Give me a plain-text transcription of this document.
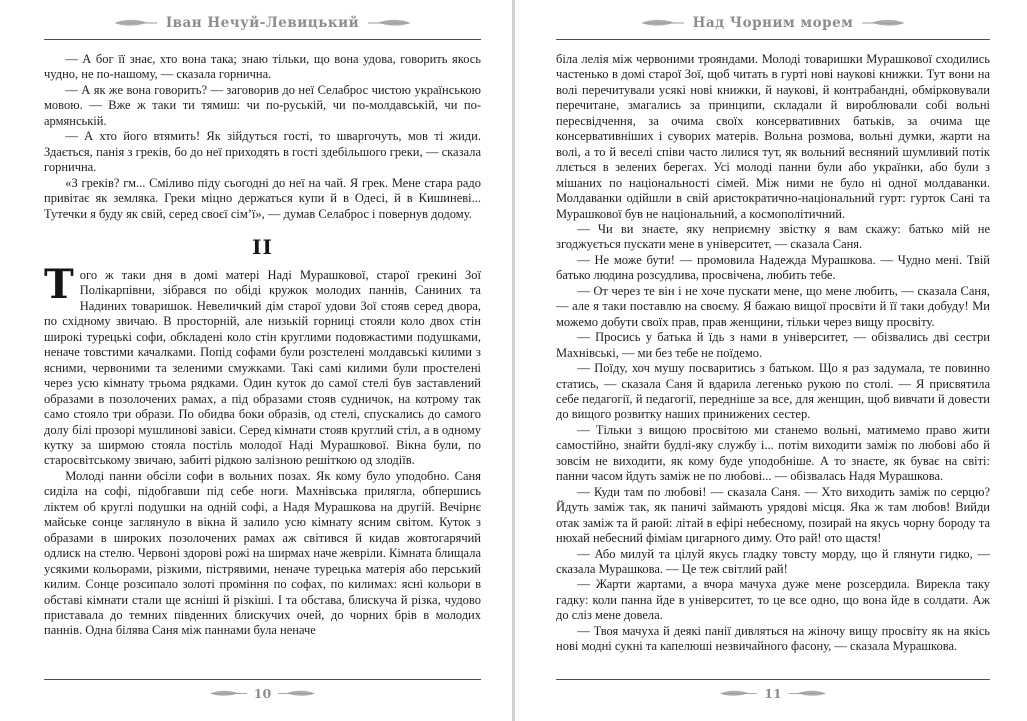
Іван Нечуй-Левицький

— А бог її знає, хто вона така; знаю тільки, що вона удова, говорить якось чудно, не по-нашому, — сказала горнична.

— А як же вона говорить? — заговорив до неї Селаброс чистою українською мовою. — Вже ж таки ти тямиш: чи по-руській, чи по-молдавській, чи по-армянській.

— А хто його втямить! Як зійдуться гості, то шваргочуть, мов ті жиди. Здається, панія з греків, бо до неї приходять в гості здебільшого греки, — сказала горнична.

«З греків? гм... Сміливо піду сьогодні до неї на чай. Я грек. Мене стара радо привітає як земляка. Греки міцно держаться купи й в Одесі, й в Кишиневі... Тутечки я буду як свій, серед своєї сім’ї», — думав Селаброс і повернув додому.

II

Того ж таки дня в домі матері Наді Мурашкової, старої грекині Зої Полікарпівни, зібрався по обіді кружок молодих паннів, Саниних та Надиних товаришок. Невеличкий дім старої удови Зої стояв серед двора, по східному звичаю. В просторній, але низькій горниці стояли коло двох стін широкі турецькі софи, обкладені коло стін круглими подовжастими подушками, неначе товстими качалками. Попід софами були розстелені молдавські килими з ясними, червоними та зеленими смужками. Такі самі килими були простелені через усю кімнату трьома рядками. Один куток до самої стелі був заставлений образами в позолочених рамах, а під образами стояв судничок, на котрому так само стояло три образи. По обидва боки образів, од стелі, спускались до самого долу білі прозорі мушлинові завіси. Серед кімнати стояв круглий стіл, а в одному кутку за ширмою стояла постіль молодої Наді Мурашкової. Вікна були, по старосвітському звичаю, забиті рідкою залізною решіткою од злодіїв.

Молоді панни обсіли софи в вольних позах. Як кому було уподобно. Саня сиділа на софі, підобгавши під себе ноги. Махнівська прилягла, обпершись ліктем об круглі подушки на одній софі, а Надя Мурашкова на другій. Вечірнє майське сонце заглянуло в вікна й залило усю кімнату ясним світом. Куток з образами в широких позолочених рамах аж світився й кидав жовтогарячий одлиск на стелю. Червоні здорові рожі на ширмах наче жевріли. Кімната блищала усякими кольорами, різкими, пістрявими, неначе турецька матерія або перський килим. Сонце розсипало золоті проміння по софах, по килимах: ясні кольори в обставі кімнати стали ще ясніші й різкіші. І та обстава, блискуча й різка, чудово приставала до темних південних блискучих очей, до чорних брів в молодих паннів. Одна білява Саня між паннами була неначе

10
Над Чорним морем

біла лелія між червоними трояндами. Молоді товаришки Мурашкової сходились частенько в домі старої Зої, щоб читать в гурті нові наукові книжки. Тут вони на волі перечитували усякі нові книжки, й наукові, й контрабандні, обмірковували перечитане, змагались за принципи, складали й вироблювали собі вольні пересвідчення, за очима своїх консервативних батьків, за очима ще консервативніших і суворих матерів. Вольна розмова, вольні думки, жарти на волі, а то й веселі співи часто лилися тут, як вольний весняний шумливий потік ллється в зелених берегах. Усі молоді панни були або українки, або були з мішаних по національності сімей. Між ними не було ні одної молдаванки. Молдаванки одійшли в свій аристократично-національний гурт: гурток Сані та Мурашкової був не національний, а космополітичний.

— Чи ви знаєте, яку неприємну звістку я вам скажу: батько мій не згоджується пускати мене в університет, — сказала Саня.

— Не може бути! — промовила Надежда Мурашкова. — Чудно мені. Твій батько людина розсудлива, просвічена, любить тебе.

— От через те він і не хоче пускати мене, що мене любить, — сказала Саня, — але я таки поставлю на своєму. Я бажаю вищої просвіти й її таки добуду! Ми можемо добути своїх прав, прав женщини, тільки через вищу просвіту.

— Просись у батька й їдь з нами в університет, — обізвались дві сестри Махнівські, — ми без тебе не поїдемо.

— Поїду, хоч мушу посваритись з батьком. Що я раз задумала, те повинно статись, — сказала Саня й вдарила легенько рукою по столі. — Я присвятила себе педагогії, й педагогії, передніше за все, для женщин, щоб вивчати й довести до вищого розвитку наших принижених сестер.

— Тільки з вищою просвітою ми станемо вольні, матимемо право жити самостійно, знайти будлі-яку службу і... потім виходити заміж по любові або й зовсім не виходити, як кому буде уподобніше. А то знаєте, як буває на світі: панни часом йдуть заміж не по любові... — обізвалась Надя Мурашкова.

— Куди там по любові! — сказала Саня. — Хто виходить заміж по серцю? Йдуть заміж так, як паничі займають урядові місця. Яка ж там любов! Вийди отак заміж та й раюй: літай в ефірі небесному, позирай на якусь чорну бороду та нюхай небесний фіміам цигарного диму. Ото рай! ото щастя!

— Або милуй та цілуй якусь гладку товсту морду, що й глянути гидко, — сказала Мурашкова. — Це теж світлий рай!

— Жарти жартами, а вчора мачуха дуже мене розсердила. Вирекла таку гадку: коли панна йде в університет, то це все одно, що вона йде в солдати. Аж до сліз мене довела.

— Твоя мачуха й деякі панії дивляться на жіночу вищу просвіту як на якісь нові модні сукні та капелюші незвичайного фасону, — сказала Мурашкова.

11
